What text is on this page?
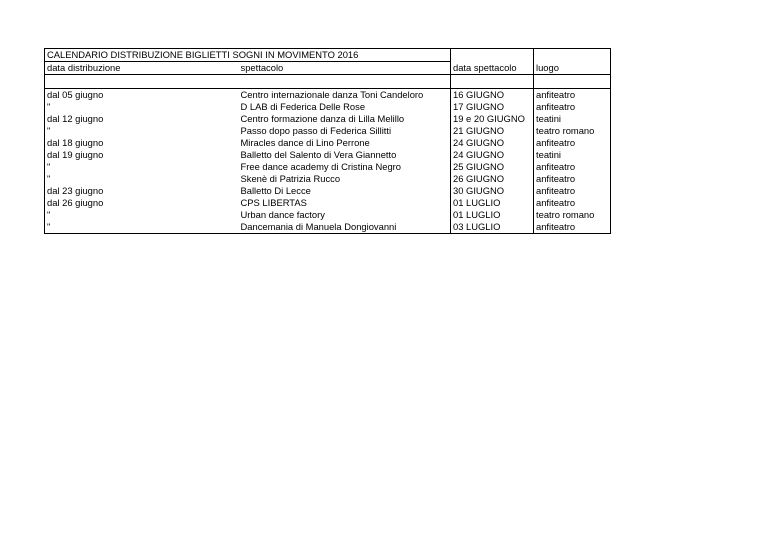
CALENDARIO DISTRIBUZIONE BIGLIETTI SOGNI IN MOVIMENTO 2016			
data distribuzione	spettacolo	data spettacolo	luogo

dal 05 giugno	Centro internazionale danza Toni Candeloro	16 GIUGNO	anfiteatro
"	D LAB di Federica Delle Rose	17 GIUGNO	anfiteatro
dal 12 giugno	Centro formazione danza di Lilla Melillo	19 e 20 GIUGNO	teatini
"	Passo dopo passo di Federica Sillitti	21 GIUGNO	teatro romano
dal 18 giugno	Miracles dance di Lino Perrone	24 GIUGNO	anfiteatro
dal 19 giugno	Balletto del Salento di Vera Giannetto	24 GIUGNO	teatini
"	Free dance academy di Cristina Negro	25 GIUGNO	anfiteatro
"	Skenè di Patrizia Rucco	26 GIUGNO	anfiteatro
dal 23 giugno	Balletto Di Lecce	30 GIUGNO	anfiteatro
dal 26 giugno	CPS LIBERTAS	01 LUGLIO	anfiteatro
"	Urban dance factory	01 LUGLIO	teatro romano
"	Dancemania di Manuela Dongiovanni	03 LUGLIO	anfiteatro
